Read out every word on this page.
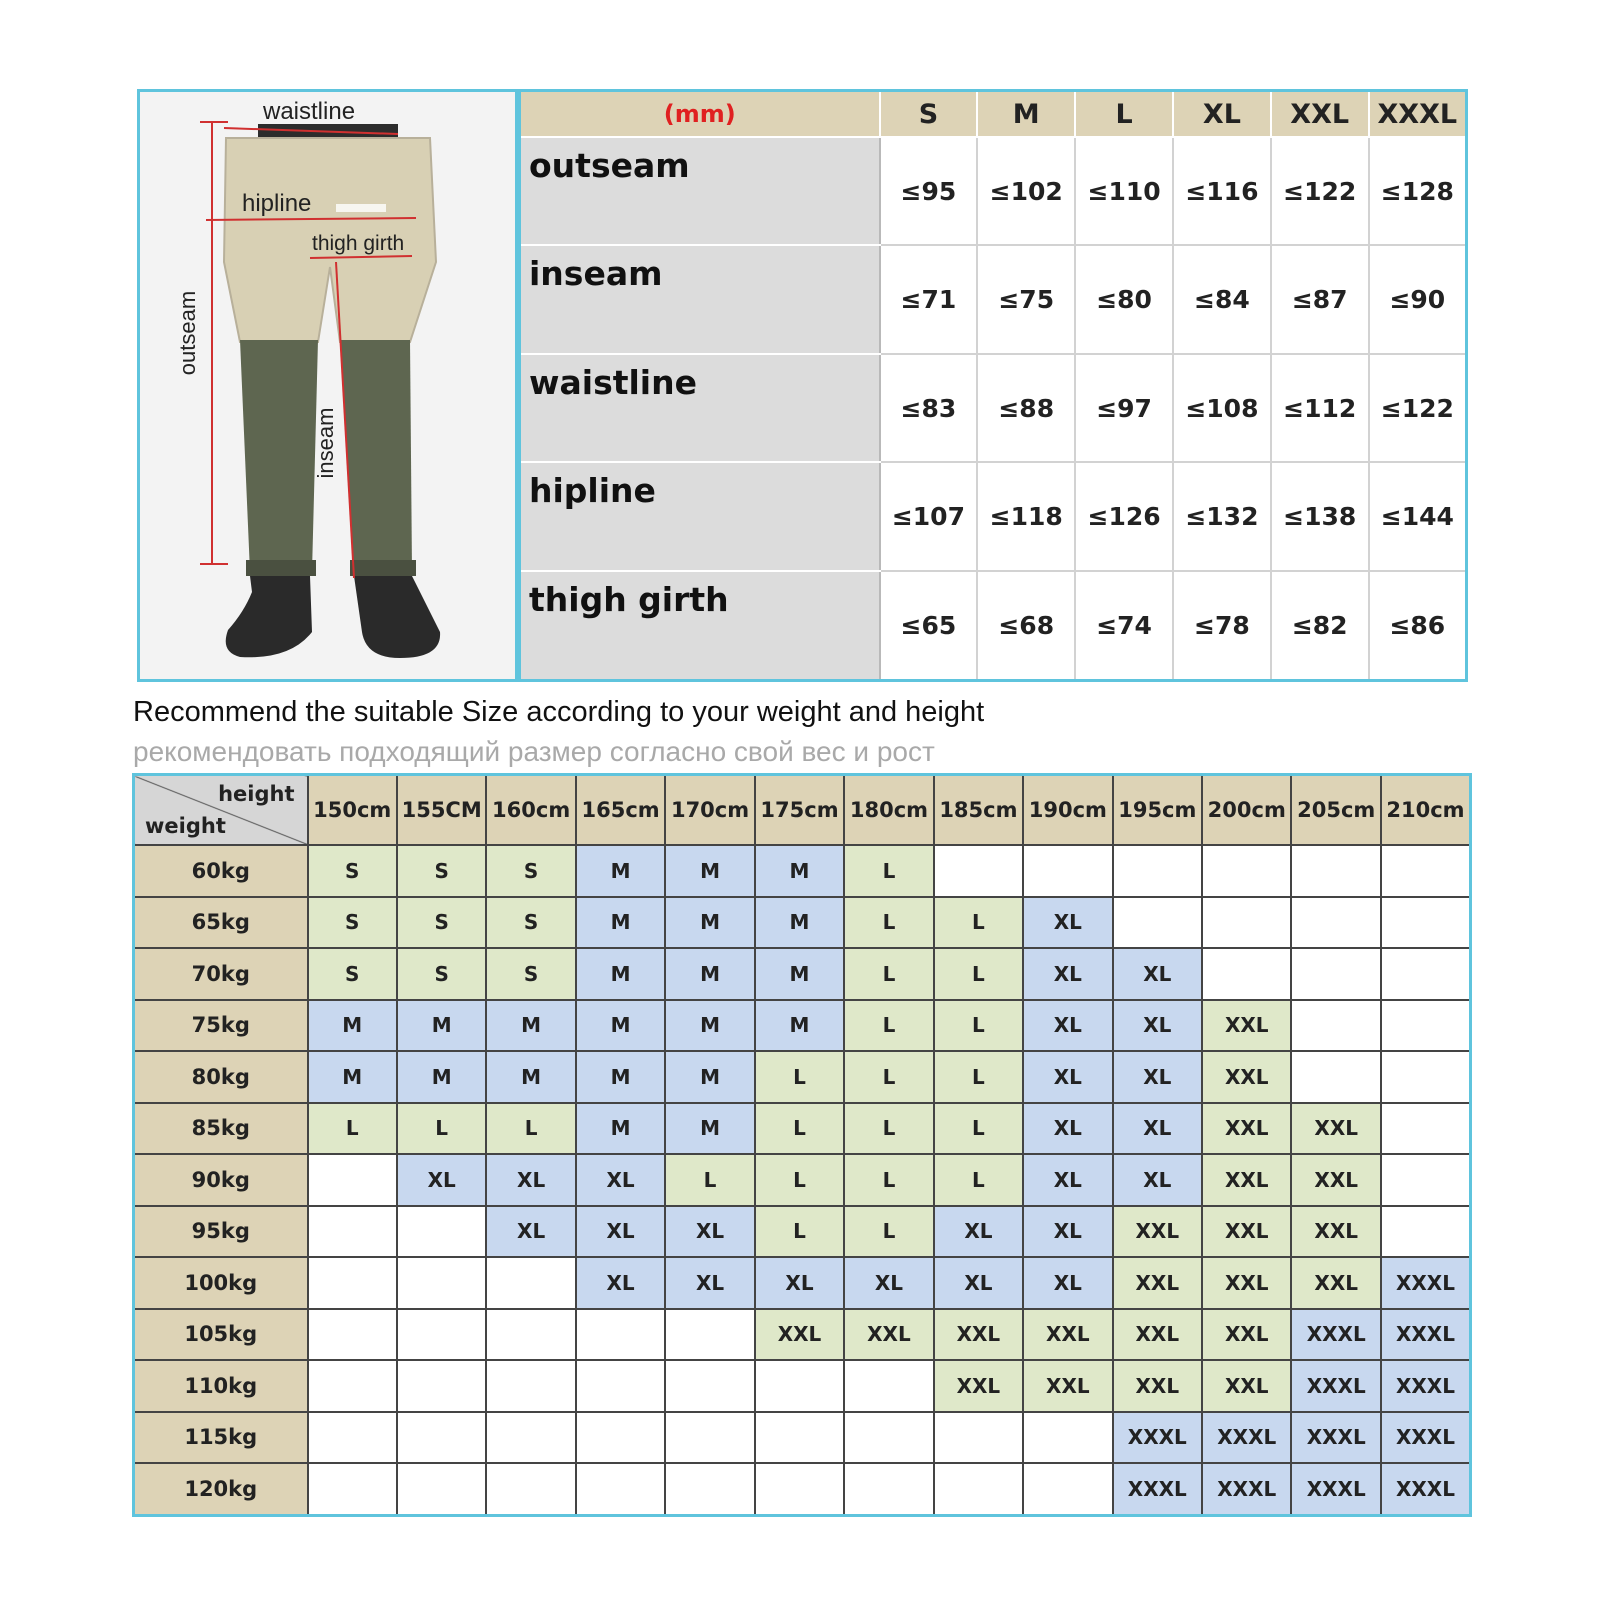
waistline
hipline
thigh girth
outseam
inseam
(mm)	S	M	L	XL	XXL	XXXL
outseam	≤95	≤102	≤110	≤116	≤122	≤128
inseam	≤71	≤75	≤80	≤84	≤87	≤90
waistline	≤83	≤88	≤97	≤108	≤112	≤122
hipline	≤107	≤118	≤126	≤132	≤138	≤144
thigh girth	≤65	≤68	≤74	≤78	≤82	≤86
Recommend the suitable Size according to your weight and height
рекомендовать подходящий размер согласно свой вес и рост
height
weight	150cm	155CM	160cm	165cm	170cm	175cm	180cm	185cm	190cm	195cm	200cm	205cm	210cm
60kg	S	S	S	M	M	M	L						
65kg	S	S	S	M	M	M	L	L	XL				
70kg	S	S	S	M	M	M	L	L	XL	XL			
75kg	M	M	M	M	M	M	L	L	XL	XL	XXL		
80kg	M	M	M	M	M	L	L	L	XL	XL	XXL		
85kg	L	L	L	M	M	L	L	L	XL	XL	XXL	XXL	
90kg		XL	XL	XL	L	L	L	L	XL	XL	XXL	XXL	
95kg			XL	XL	XL	L	L	XL	XL	XXL	XXL	XXL	
100kg				XL	XL	XL	XL	XL	XL	XXL	XXL	XXL	XXXL
105kg						XXL	XXL	XXL	XXL	XXL	XXL	XXXL	XXXL
110kg								XXL	XXL	XXL	XXL	XXXL	XXXL
115kg										XXXL	XXXL	XXXL	XXXL
120kg										XXXL	XXXL	XXXL	XXXL
